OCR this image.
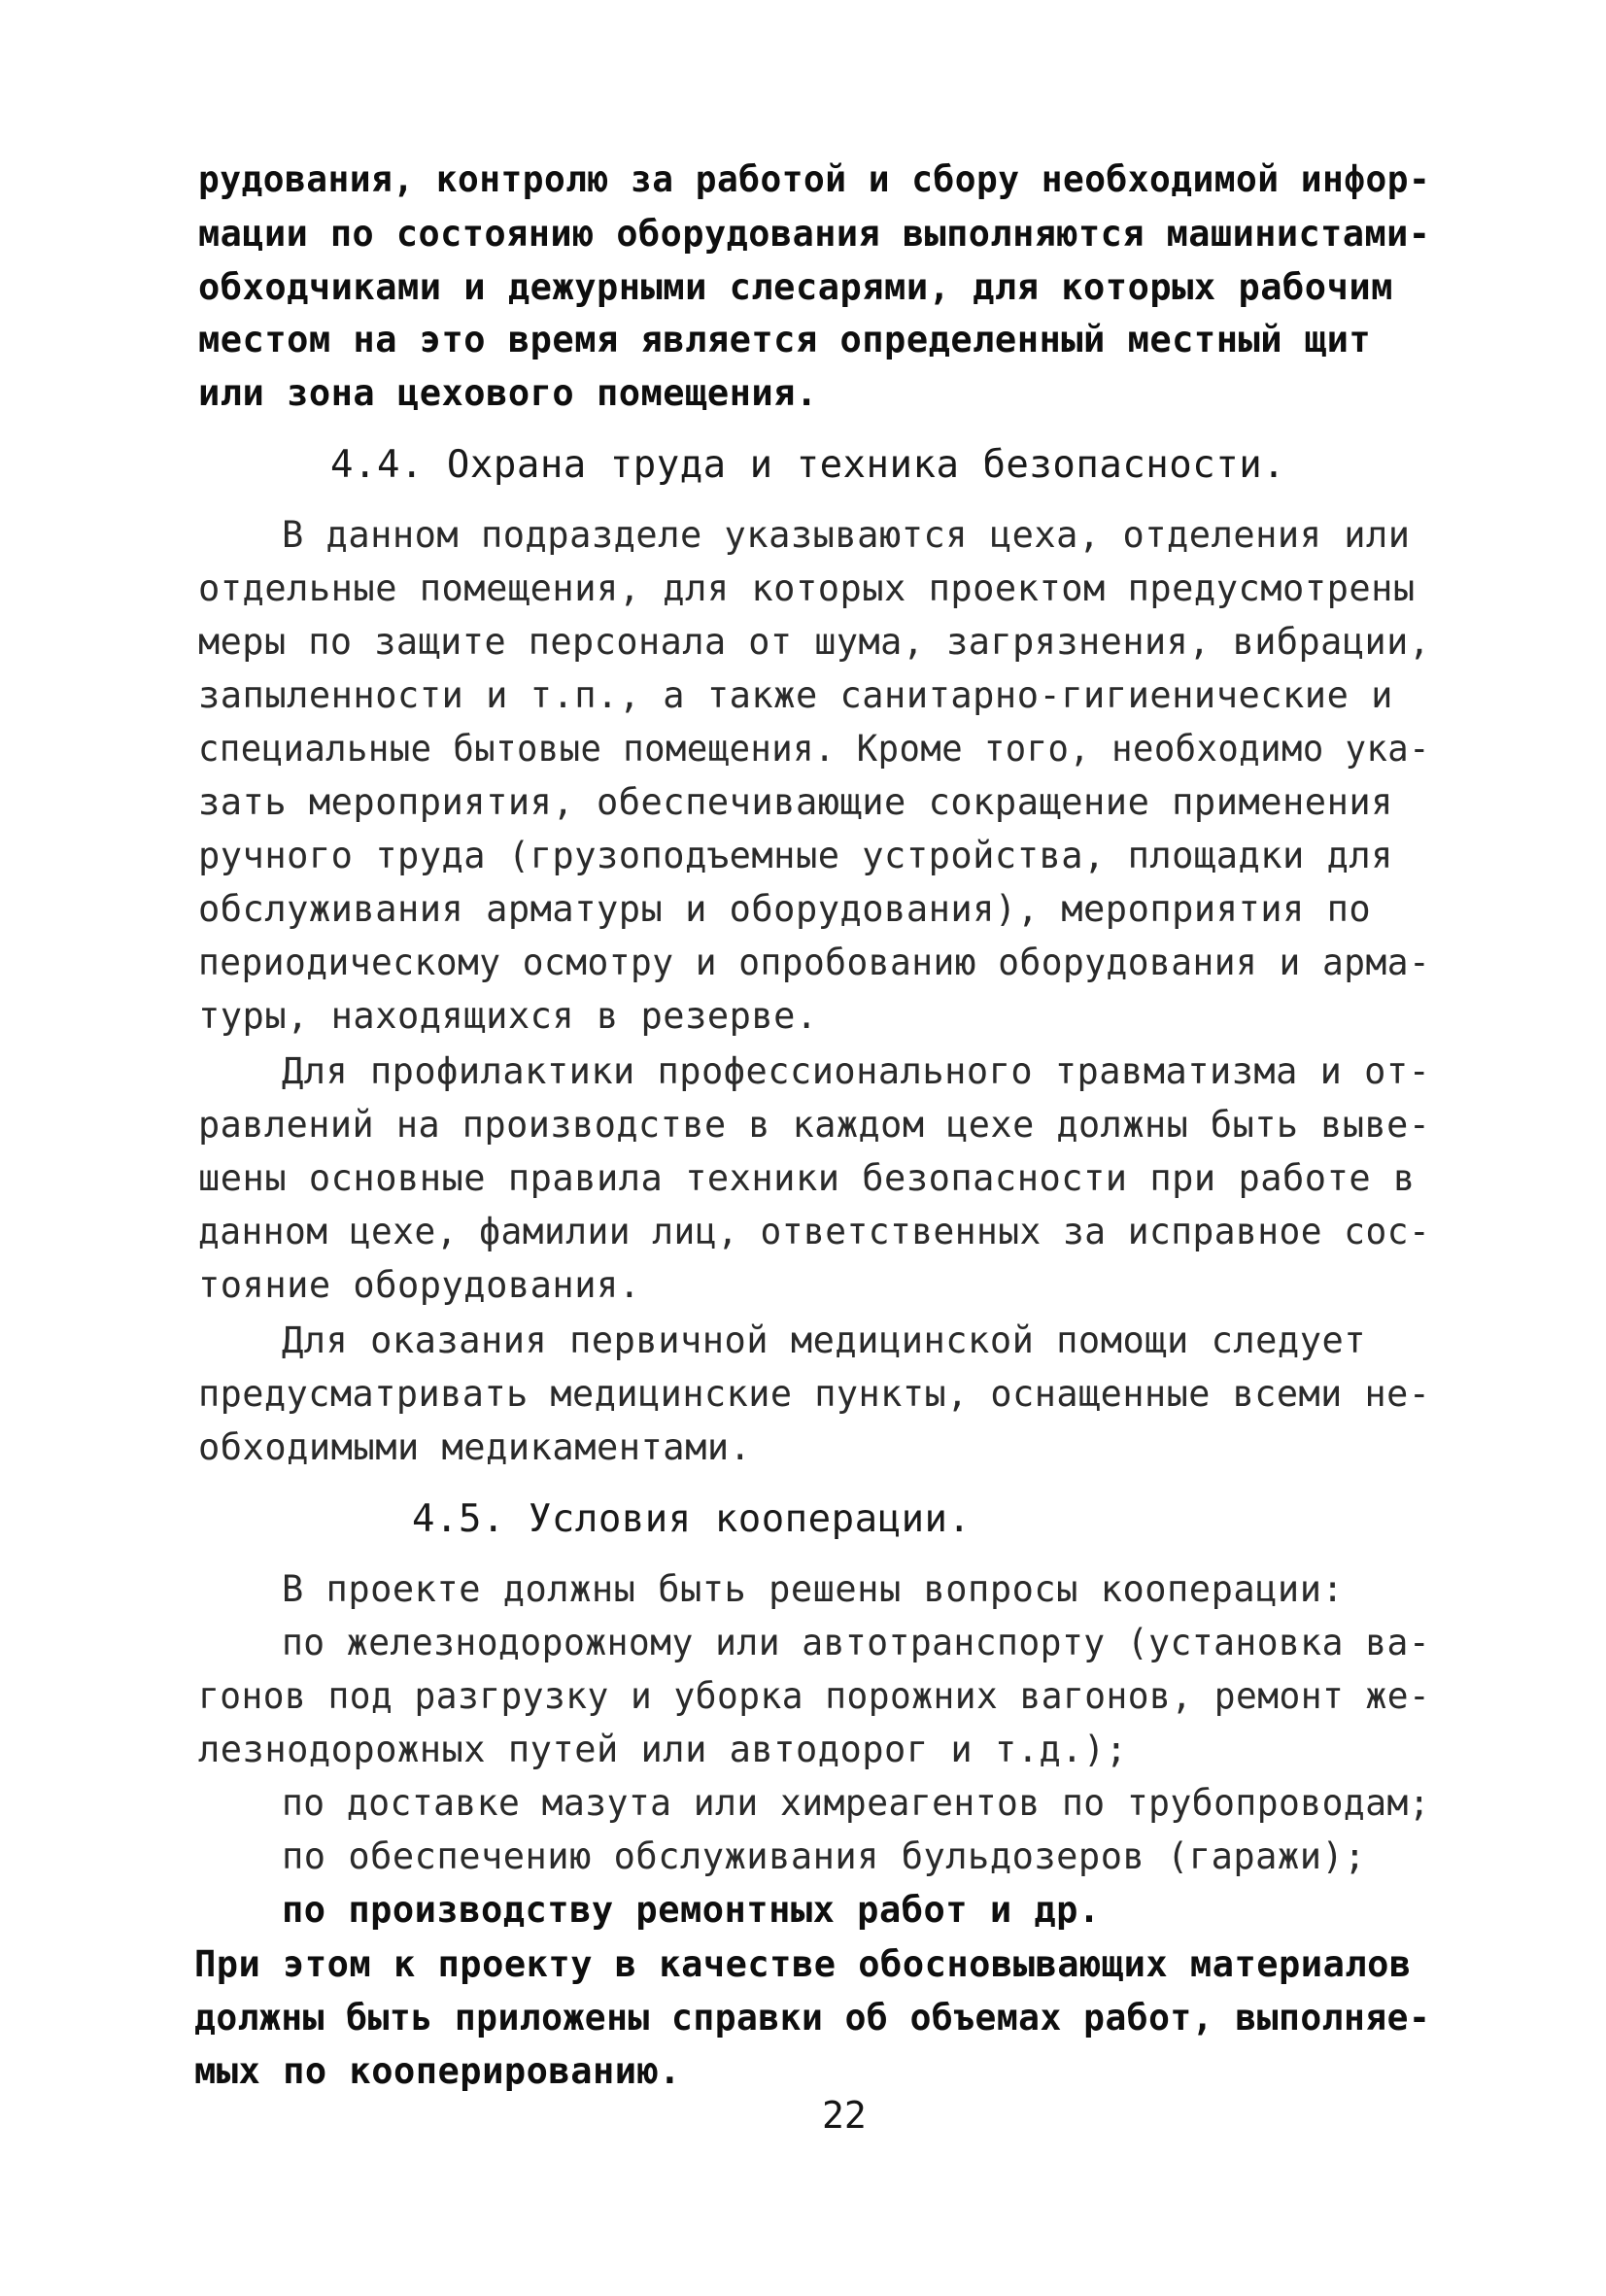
рудования, контролю за работой и сбору необходимой инфор-
мации по состоянию оборудования выполняются машинистами-
обходчиками и дежурными слесарями, для которых рабочим
местом на это время является определенный местный щит
или зона цехового помещения.
4.4. Охрана труда и техника безопасности.
В данном подразделе указываются цеха, отделения или
отдельные помещения, для которых проектом предусмотрены
меры по защите персонала от шума, загрязнения, вибрации,
запыленности и т.п., а также санитарно-гигиенические и
специальные бытовые помещения. Кроме того, необходимо ука-
зать мероприятия, обеспечивающие сокращение применения
ручного труда (грузоподъемные устройства, площадки для
обслуживания арматуры и оборудования), мероприятия по
периодическому осмотру и опробованию оборудования и арма-
туры, находящихся в резерве.
Для профилактики профессионального травматизма и от-
равлений на производстве в каждом цехе должны быть выве-
шены основные правила техники безопасности при работе в
данном цехе, фамилии лиц, ответственных за исправное сос-
тояние оборудования.
Для оказания первичной медицинской помощи следует
предусматривать медицинские пункты, оснащенные всеми не-
обходимыми медикаментами.
4.5. Условия кооперации.
В проекте должны быть решены вопросы кооперации:
по железнодорожному или автотранспорту (установка ва-
гонов под разгрузку и уборка порожних вагонов, ремонт же-
лезнодорожных путей или автодорог и т.д.);
по доставке мазута или химреагентов по трубопроводам;
по обеспечению обслуживания бульдозеров (гаражи);
по производству ремонтных работ и др.
При этом к проекту в качестве обосновывающих материалов
должны быть приложены справки об объемах работ, выполняе-
мых по кооперированию.
22
